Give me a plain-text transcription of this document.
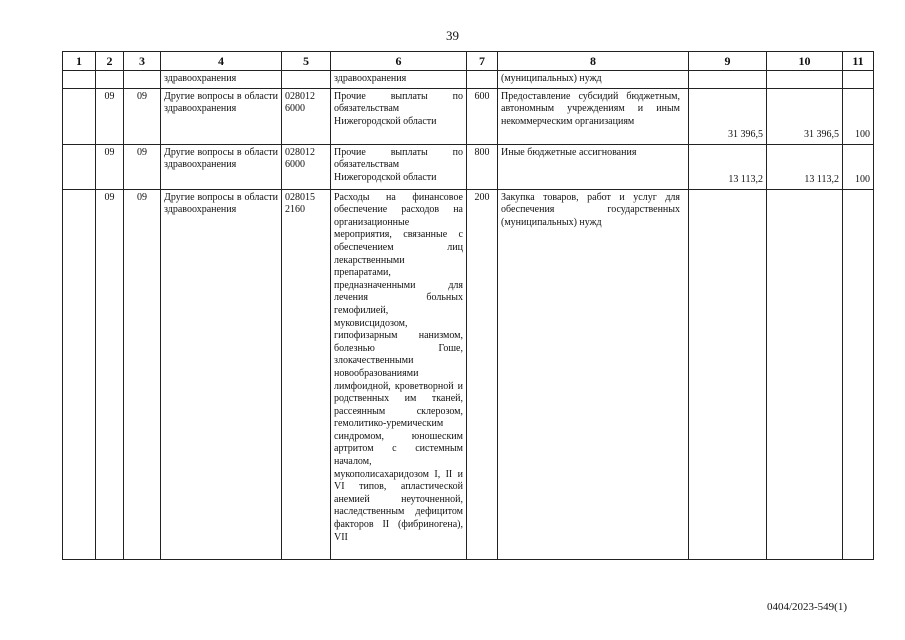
39
1	2	3	4	5	6	7	8	9	10	11
			здравоохранения		здравоохранения		(муниципальных) нужд			
	09	09	Другие вопросы в области здравоохранения	028012 6000	Прочие выплаты по обязательствам Нижегородской области	600	Предоставление субсидий бюджетным, автономным учреждениям и иным некоммерческим организациям	31 396,5	31 396,5	100
	09	09	Другие вопросы в области здравоохранения	028012 6000	Прочие выплаты по обязательствам Нижегородской области	800	Иные бюджетные ассигнования	13 113,2	13 113,2	100
	09	09	Другие вопросы в области здравоохранения	028015 2160	Расходы на финансовое обеспечение расходов на организационные мероприятия, связанные с обеспечением лиц лекарственными препаратами, предназначенными для лечения больных гемофилией, муковисцидозом, гипофизарным нанизмом, болезнью Гоше, злокачественными новообразованиями лимфоидной, кроветворной и родственных им тканей, рассеянным склерозом, гемолитико-уремическим синдромом, юношеским артритом с системным началом, мукополисахаридозом I, II и VI типов, апластической анемией неуточненной, наследственным дефицитом факторов II (фибриногена), VII	200	Закупка товаров, работ и услуг для обеспечения государственных (муниципальных) нужд			
0404/2023-549(1)
